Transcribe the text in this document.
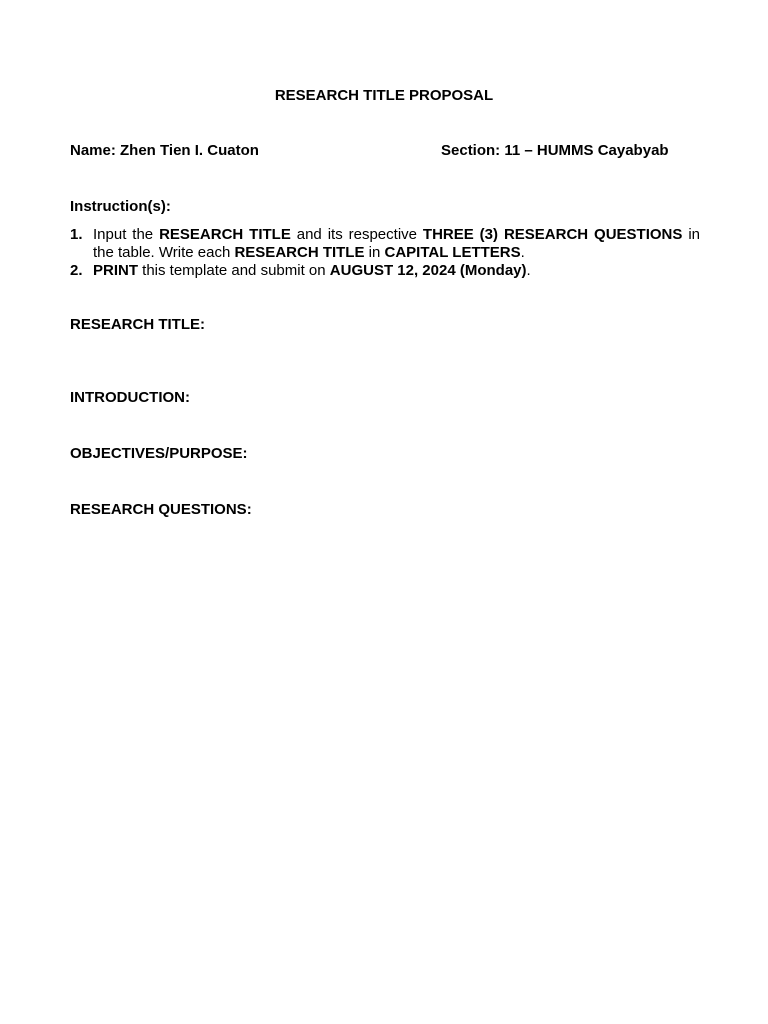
RESEARCH TITLE PROPOSAL
Name: Zhen Tien I. Cuaton	Section: 11 – HUMMS Cayabyab
Instruction(s):
1. Input the RESEARCH TITLE and its respective THREE (3) RESEARCH QUESTIONS in the table. Write each RESEARCH TITLE in CAPITAL LETTERS.
2. PRINT this template and submit on AUGUST 12, 2024 (Monday).
RESEARCH TITLE:
INTRODUCTION:
OBJECTIVES/PURPOSE:
RESEARCH QUESTIONS:
